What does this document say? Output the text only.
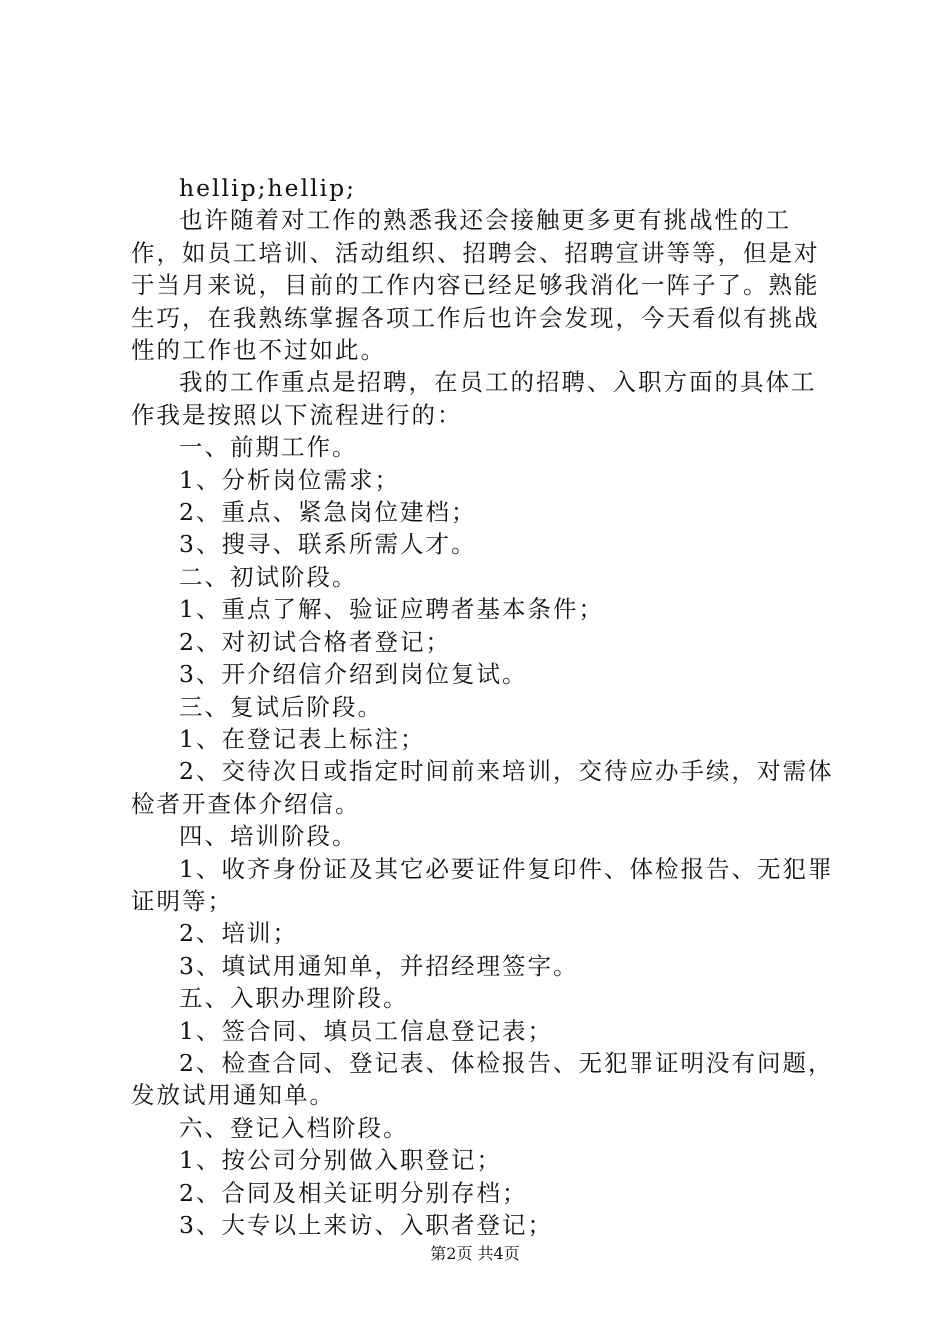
hellip;hellip;

也许随着对工作的熟悉我还会接触更多更有挑战性的工作，如员工培训、活动组织、招聘会、招聘宣讲等等，但是对于当月来说，目前的工作内容已经足够我消化一阵子了。熟能生巧，在我熟练掌握各项工作后也许会发现，今天看似有挑战性的工作也不过如此。

我的工作重点是招聘，在员工的招聘、入职方面的具体工作我是按照以下流程进行的：

一、前期工作。

1、分析岗位需求；

2、重点、紧急岗位建档；

3、搜寻、联系所需人才。

二、初试阶段。

1、重点了解、验证应聘者基本条件；

2、对初试合格者登记；

3、开介绍信介绍到岗位复试。

三、复试后阶段。

1、在登记表上标注；

2、交待次日或指定时间前来培训，交待应办手续，对需体检者开查体介绍信。

四、培训阶段。

1、收齐身份证及其它必要证件复印件、体检报告、无犯罪证明等；

2、培训；

3、填试用通知单，并招经理签字。

五、入职办理阶段。

1、签合同、填员工信息登记表；

2、检查合同、登记表、体检报告、无犯罪证明没有问题，发放试用通知单。

六、登记入档阶段。

1、按公司分别做入职登记；

2、合同及相关证明分别存档；

3、大专以上来访、入职者登记；

第2页 共4页
